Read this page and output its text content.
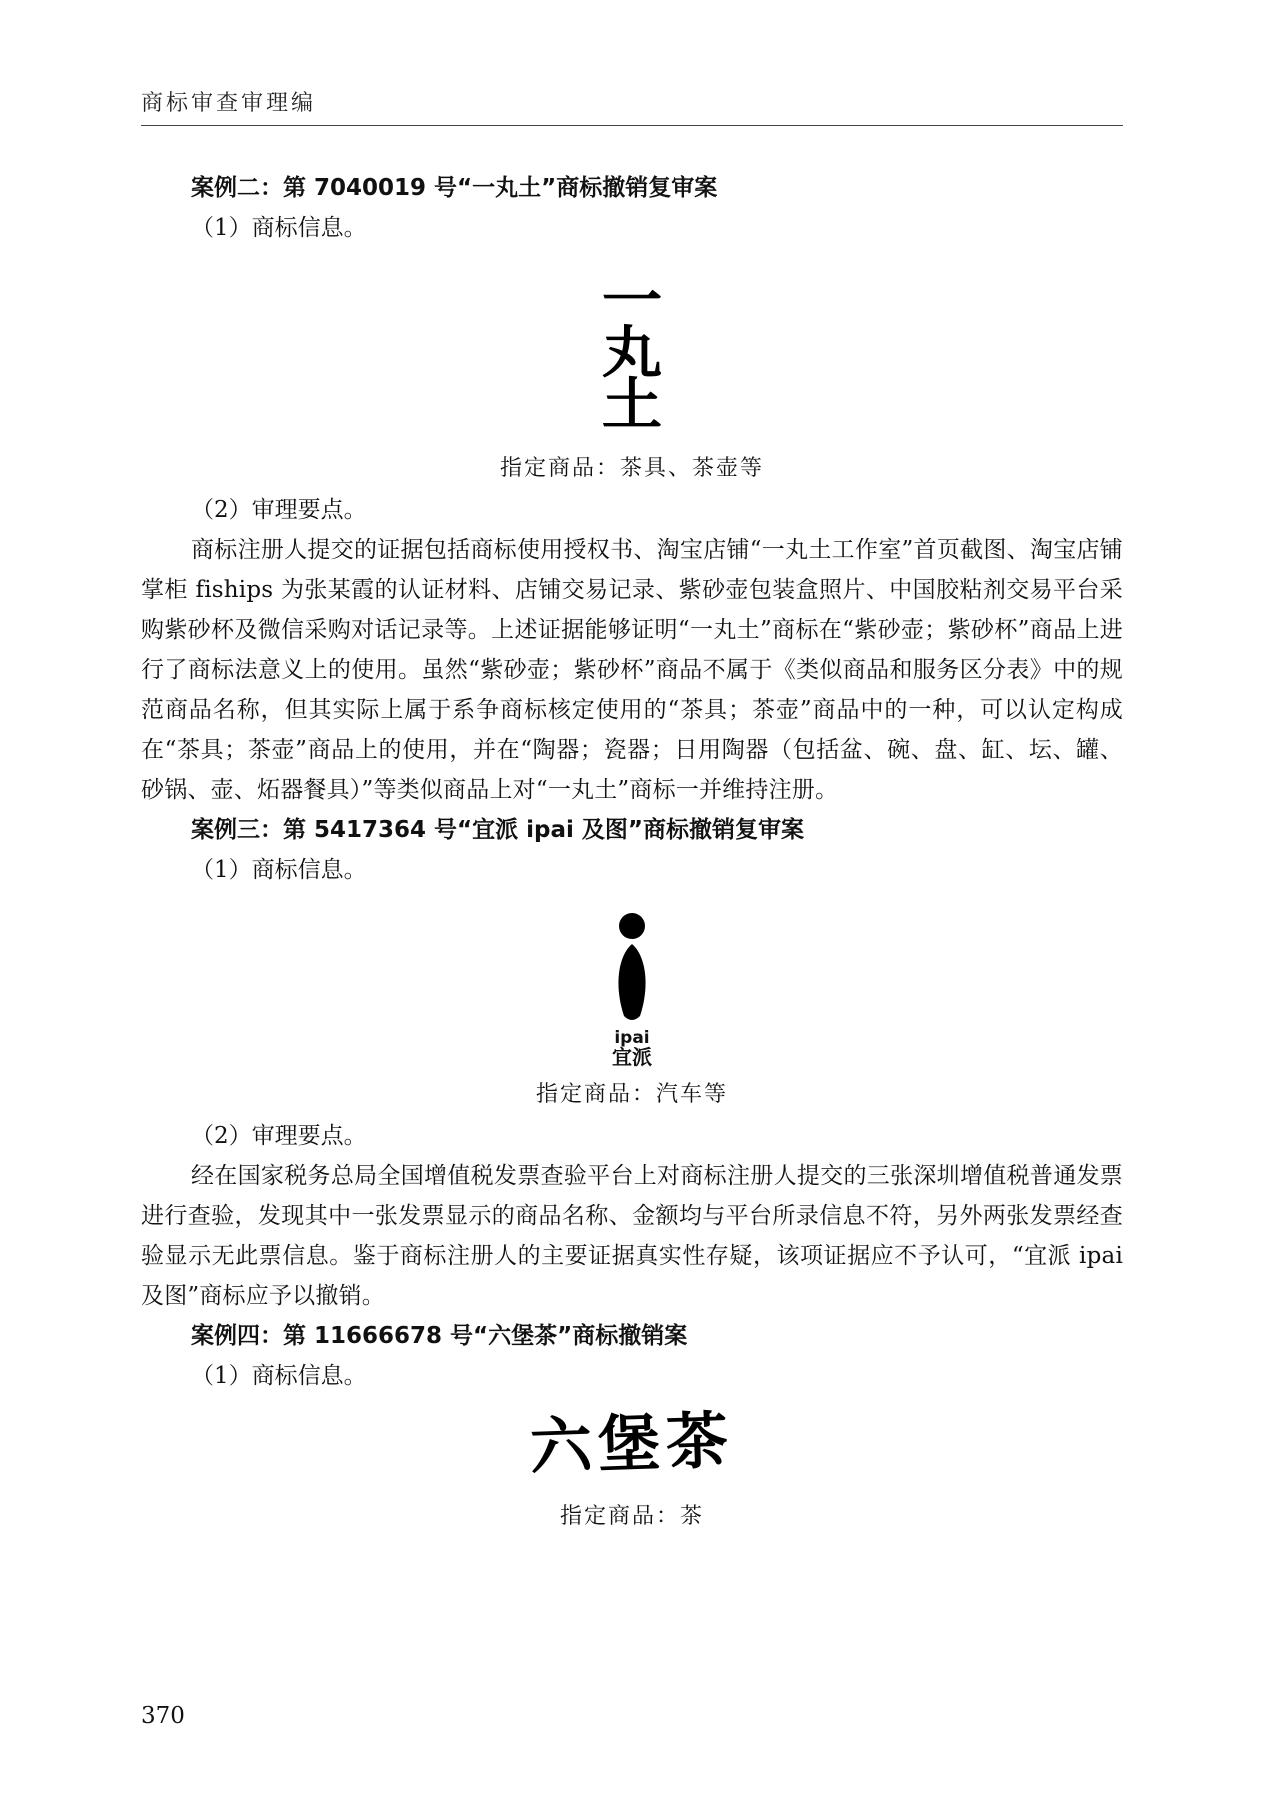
商标审查审理编

案例二：第 7040019 号“一丸土”商标撤销复审案

（1）商标信息。

一
丸
土
指定商品：茶具、茶壶等

（2）审理要点。

商标注册人提交的证据包括商标使用授权书、淘宝店铺“一丸土工作室”首页截图、淘宝店铺掌柜 fiships 为张某霞的认证材料、店铺交易记录、紫砂壶包装盒照片、中国胶粘剂交易平台采购紫砂杯及微信采购对话记录等。上述证据能够证明“一丸土”商标在“紫砂壶；紫砂杯”商品上进行了商标法意义上的使用。虽然“紫砂壶；紫砂杯”商品不属于《类似商品和服务区分表》中的规范商品名称，但其实际上属于系争商标核定使用的“茶具；茶壶”商品中的一种，可以认定构成在“茶具；茶壶”商品上的使用，并在“陶器；瓷器；日用陶器（包括盆、碗、盘、缸、坛、罐、砂锅、壶、炻器餐具）”等类似商品上对“一丸土”商标一并维持注册。

案例三：第 5417364 号“宜派 ipai 及图”商标撤销复审案

（1）商标信息。

ipai
宜派
指定商品：汽车等

（2）审理要点。

经在国家税务总局全国增值税发票查验平台上对商标注册人提交的三张深圳增值税普通发票进行查验，发现其中一张发票显示的商品名称、金额均与平台所录信息不符，另外两张发票经查验显示无此票信息。鉴于商标注册人的主要证据真实性存疑，该项证据应不予认可，“宜派 ipai 及图”商标应予以撤销。

案例四：第 11666678 号“六堡茶”商标撤销案

（1）商标信息。

六堡茶
指定商品：茶
370
